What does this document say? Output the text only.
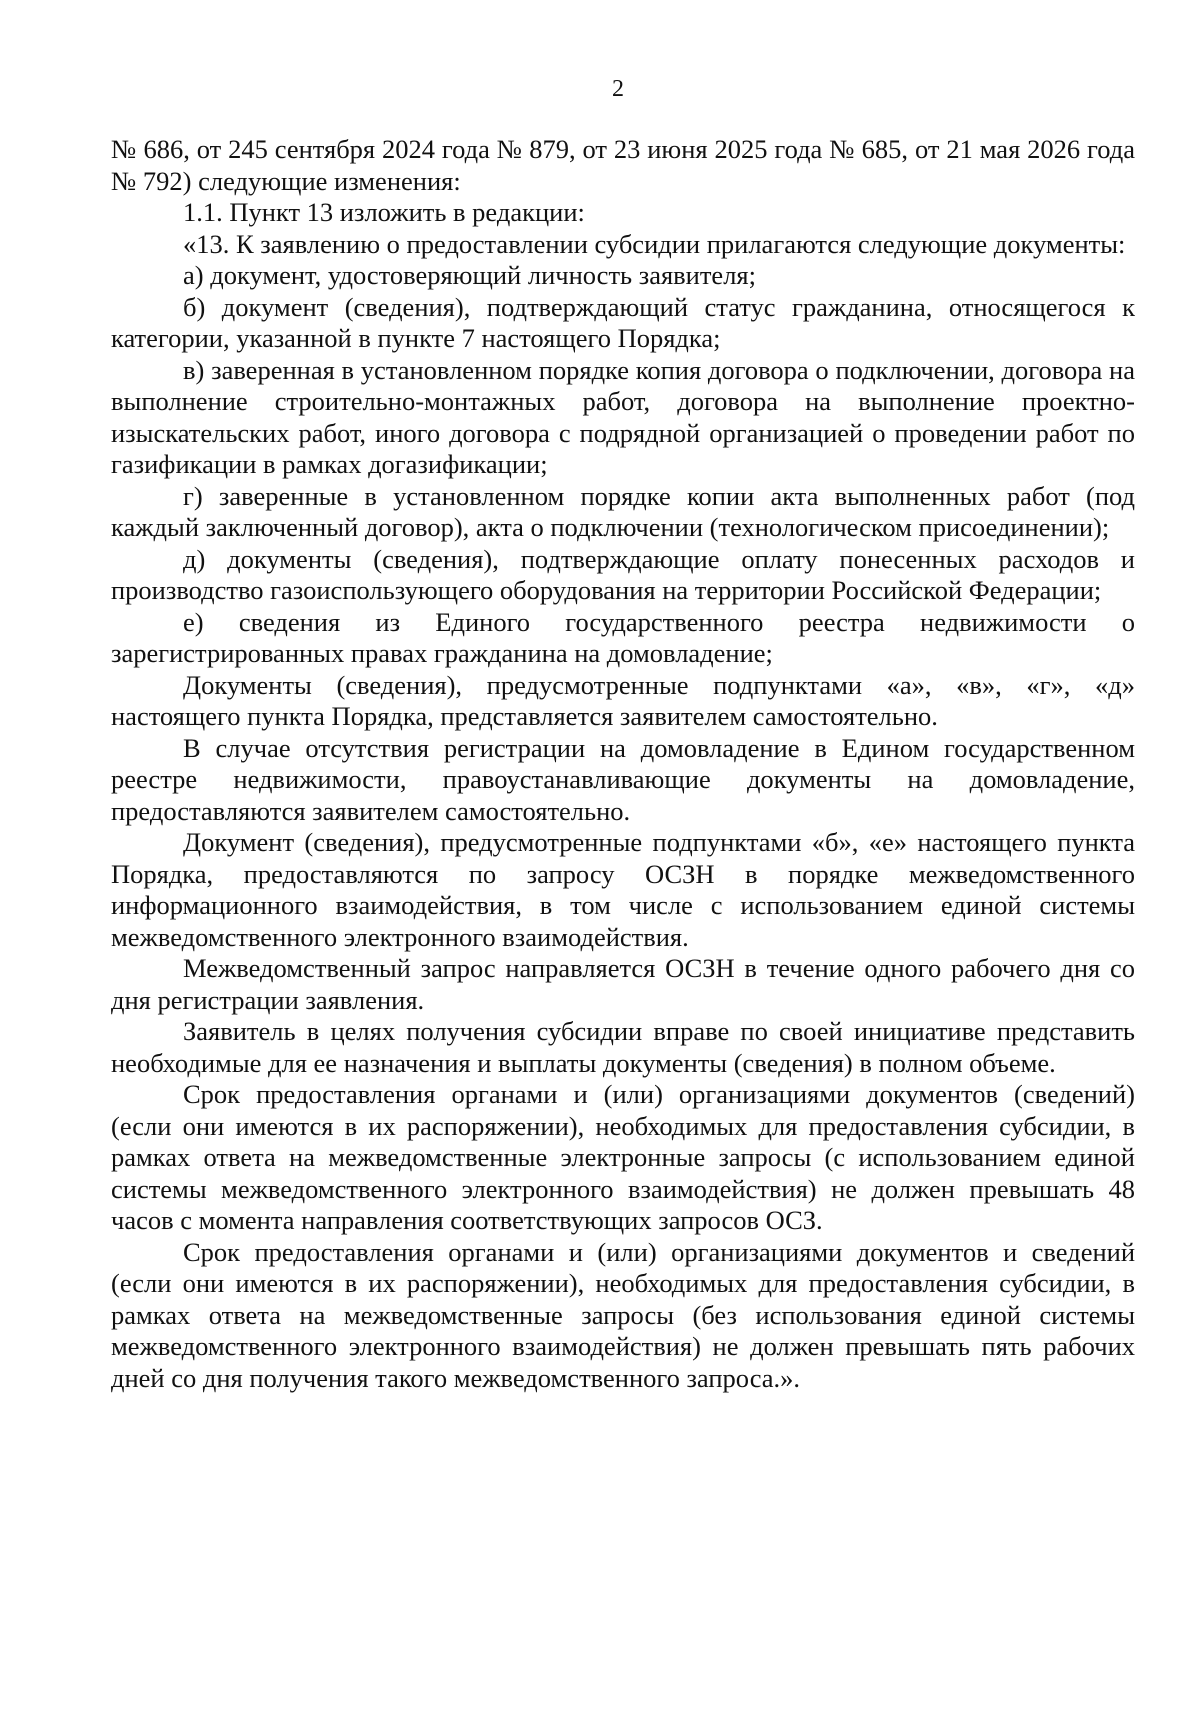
2

№ 686, от 245 сентября 2024 года № 879, от 23 июня 2025 года № 685, от 21 мая 2026 года № 792) следующие изменения:

1.1. Пункт 13 изложить в редакции:

«13. К заявлению о предоставлении субсидии прилагаются следующие документы:

а) документ, удостоверяющий личность заявителя;

б) документ (сведения), подтверждающий статус гражданина, относящегося к категории, указанной в пункте 7 настоящего Порядка;

в) заверенная в установленном порядке копия договора о подключении, договора на выполнение строительно-монтажных работ, договора на выполнение проектно-изыскательских работ, иного договора с подрядной организацией о проведении работ по газификации в рамках догазификации;

г) заверенные в установленном порядке копии акта выполненных работ (под каждый заключенный договор), акта о подключении (технологическом присоединении);

д) документы (сведения), подтверждающие оплату понесенных расходов и производство газоиспользующего оборудования на территории Российской Федерации;

е) сведения из Единого государственного реестра недвижимости о зарегистрированных правах гражданина на домовладение;

Документы (сведения), предусмотренные подпунктами «а», «в», «г», «д» настоящего пункта Порядка, представляется заявителем самостоятельно.

В случае отсутствия регистрации на домовладение в Едином государственном реестре недвижимости, правоустанавливающие документы на домовладение, предоставляются заявителем самостоятельно.

Документ (сведения), предусмотренные подпунктами «б», «е» настоящего пункта Порядка, предоставляются по запросу ОСЗН в порядке межведомственного информационного взаимодействия, в том числе с использованием единой системы межведомственного электронного взаимодействия.

Межведомственный запрос направляется ОСЗН в течение одного рабочего дня со дня регистрации заявления.

Заявитель в целях получения субсидии вправе по своей инициативе представить необходимые для ее назначения и выплаты документы (сведения) в полном объеме.

Срок предоставления органами и (или) организациями документов (сведений) (если они имеются в их распоряжении), необходимых для предоставления субсидии, в рамках ответа на межведомственные электронные запросы (с использованием единой системы межведомственного электронного взаимодействия) не должен превышать 48 часов с момента направления соответствующих запросов ОСЗ.

Срок предоставления органами и (или) организациями документов и сведений (если они имеются в их распоряжении), необходимых для предоставления субсидии, в рамках ответа на межведомственные запросы (без использования единой системы межведомственного электронного взаимодействия) не должен превышать пять рабочих дней со дня получения такого межведомственного запроса.».
